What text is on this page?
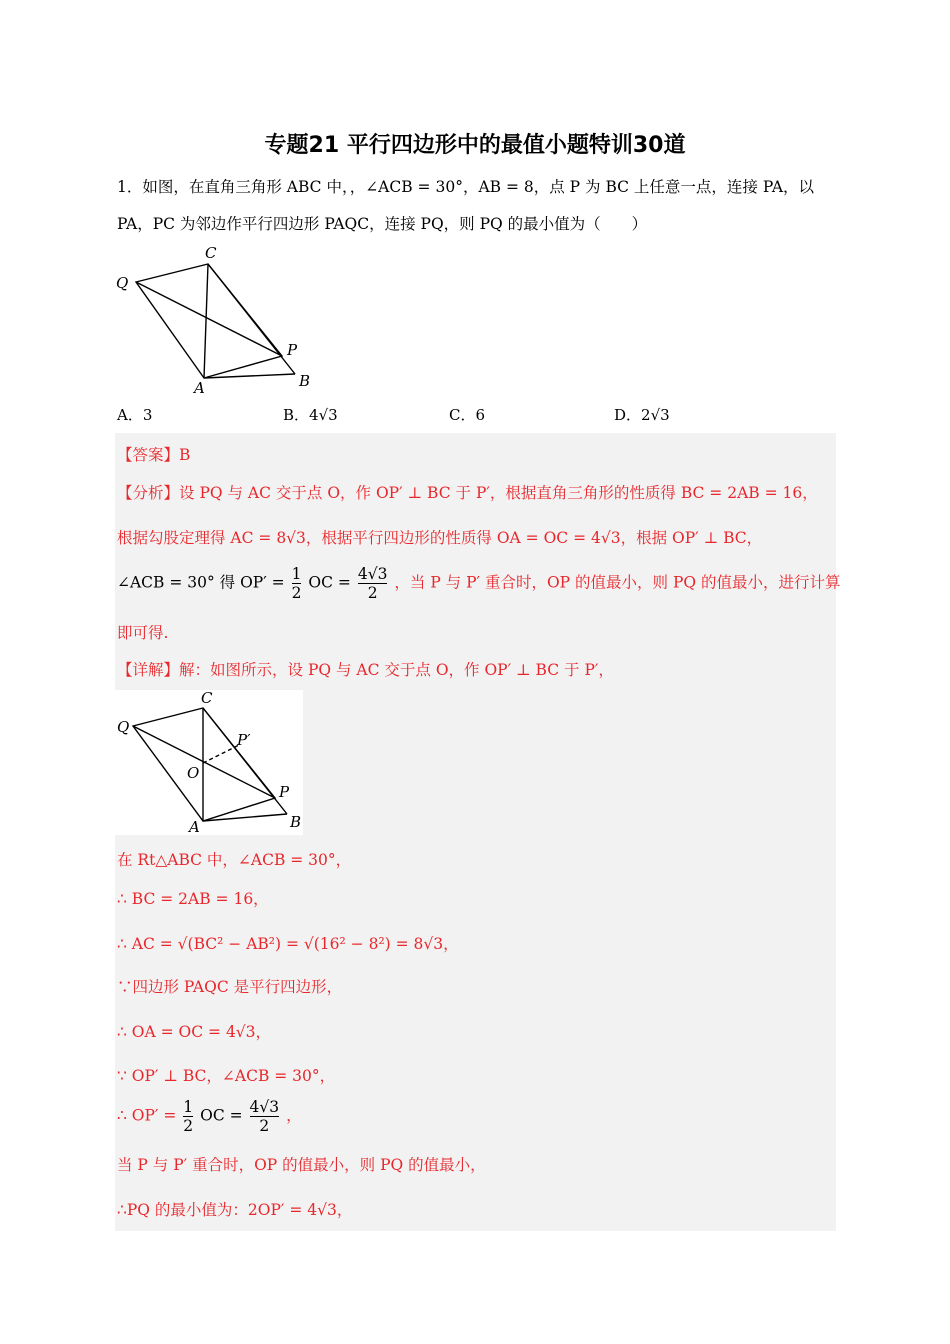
专题21 平行四边形中的最值小题特训30道
1．如图，在直角三角形 ABC 中，，∠ACB = 30°，AB = 8，点 P 为 BC 上任意一点，连接 PA，以
PA，PC 为邻边作平行四边形 PAQC，连接 PQ，则 PQ 的最小值为（　　）
C
Q
P
A	B
A．3	B．4√3	C．6	D．2√3
【答案】B
【分析】设 PQ 与 AC 交于点 O，作 OP′ ⊥ BC 于 P′，根据直角三角形的性质得 BC = 2AB = 16，
根据勾股定理得 AC = 8√3，根据平行四边形的性质得 OA = OC = 4√3，根据 OP′ ⊥ BC，
∠ACB = 30° 得 $OP' = \frac{1}{2}$ OC = $\frac{4√3}{2}$ ，当 P 与 P′ 重合时，OP 的值最小，则 PQ 的值最小，进行计算
即可得.
【详解】解：如图所示，设 PQ 与 AC 交于点 O，作 OP′ ⊥ BC 于 P′，
C
Q
P′
O
P
A	B
在 Rt△ABC 中，∠ACB = 30°，
∴ BC = 2AB = 16，
∴ AC = √(BC² − AB²) = √(16² − 8²) = 8√3，
∵四边形 PAQC 是平行四边形，
∴ OA = OC = 4√3，
∵ OP′ ⊥ BC，∠ACB = 30°，
∴ $OP' = \frac{1}{2}$ OC = $\frac{4√3}{2}$ ，
当 P 与 P′ 重合时，OP 的值最小，则 PQ 的值最小，
∴PQ 的最小值为：2OP′ = 4√3，
